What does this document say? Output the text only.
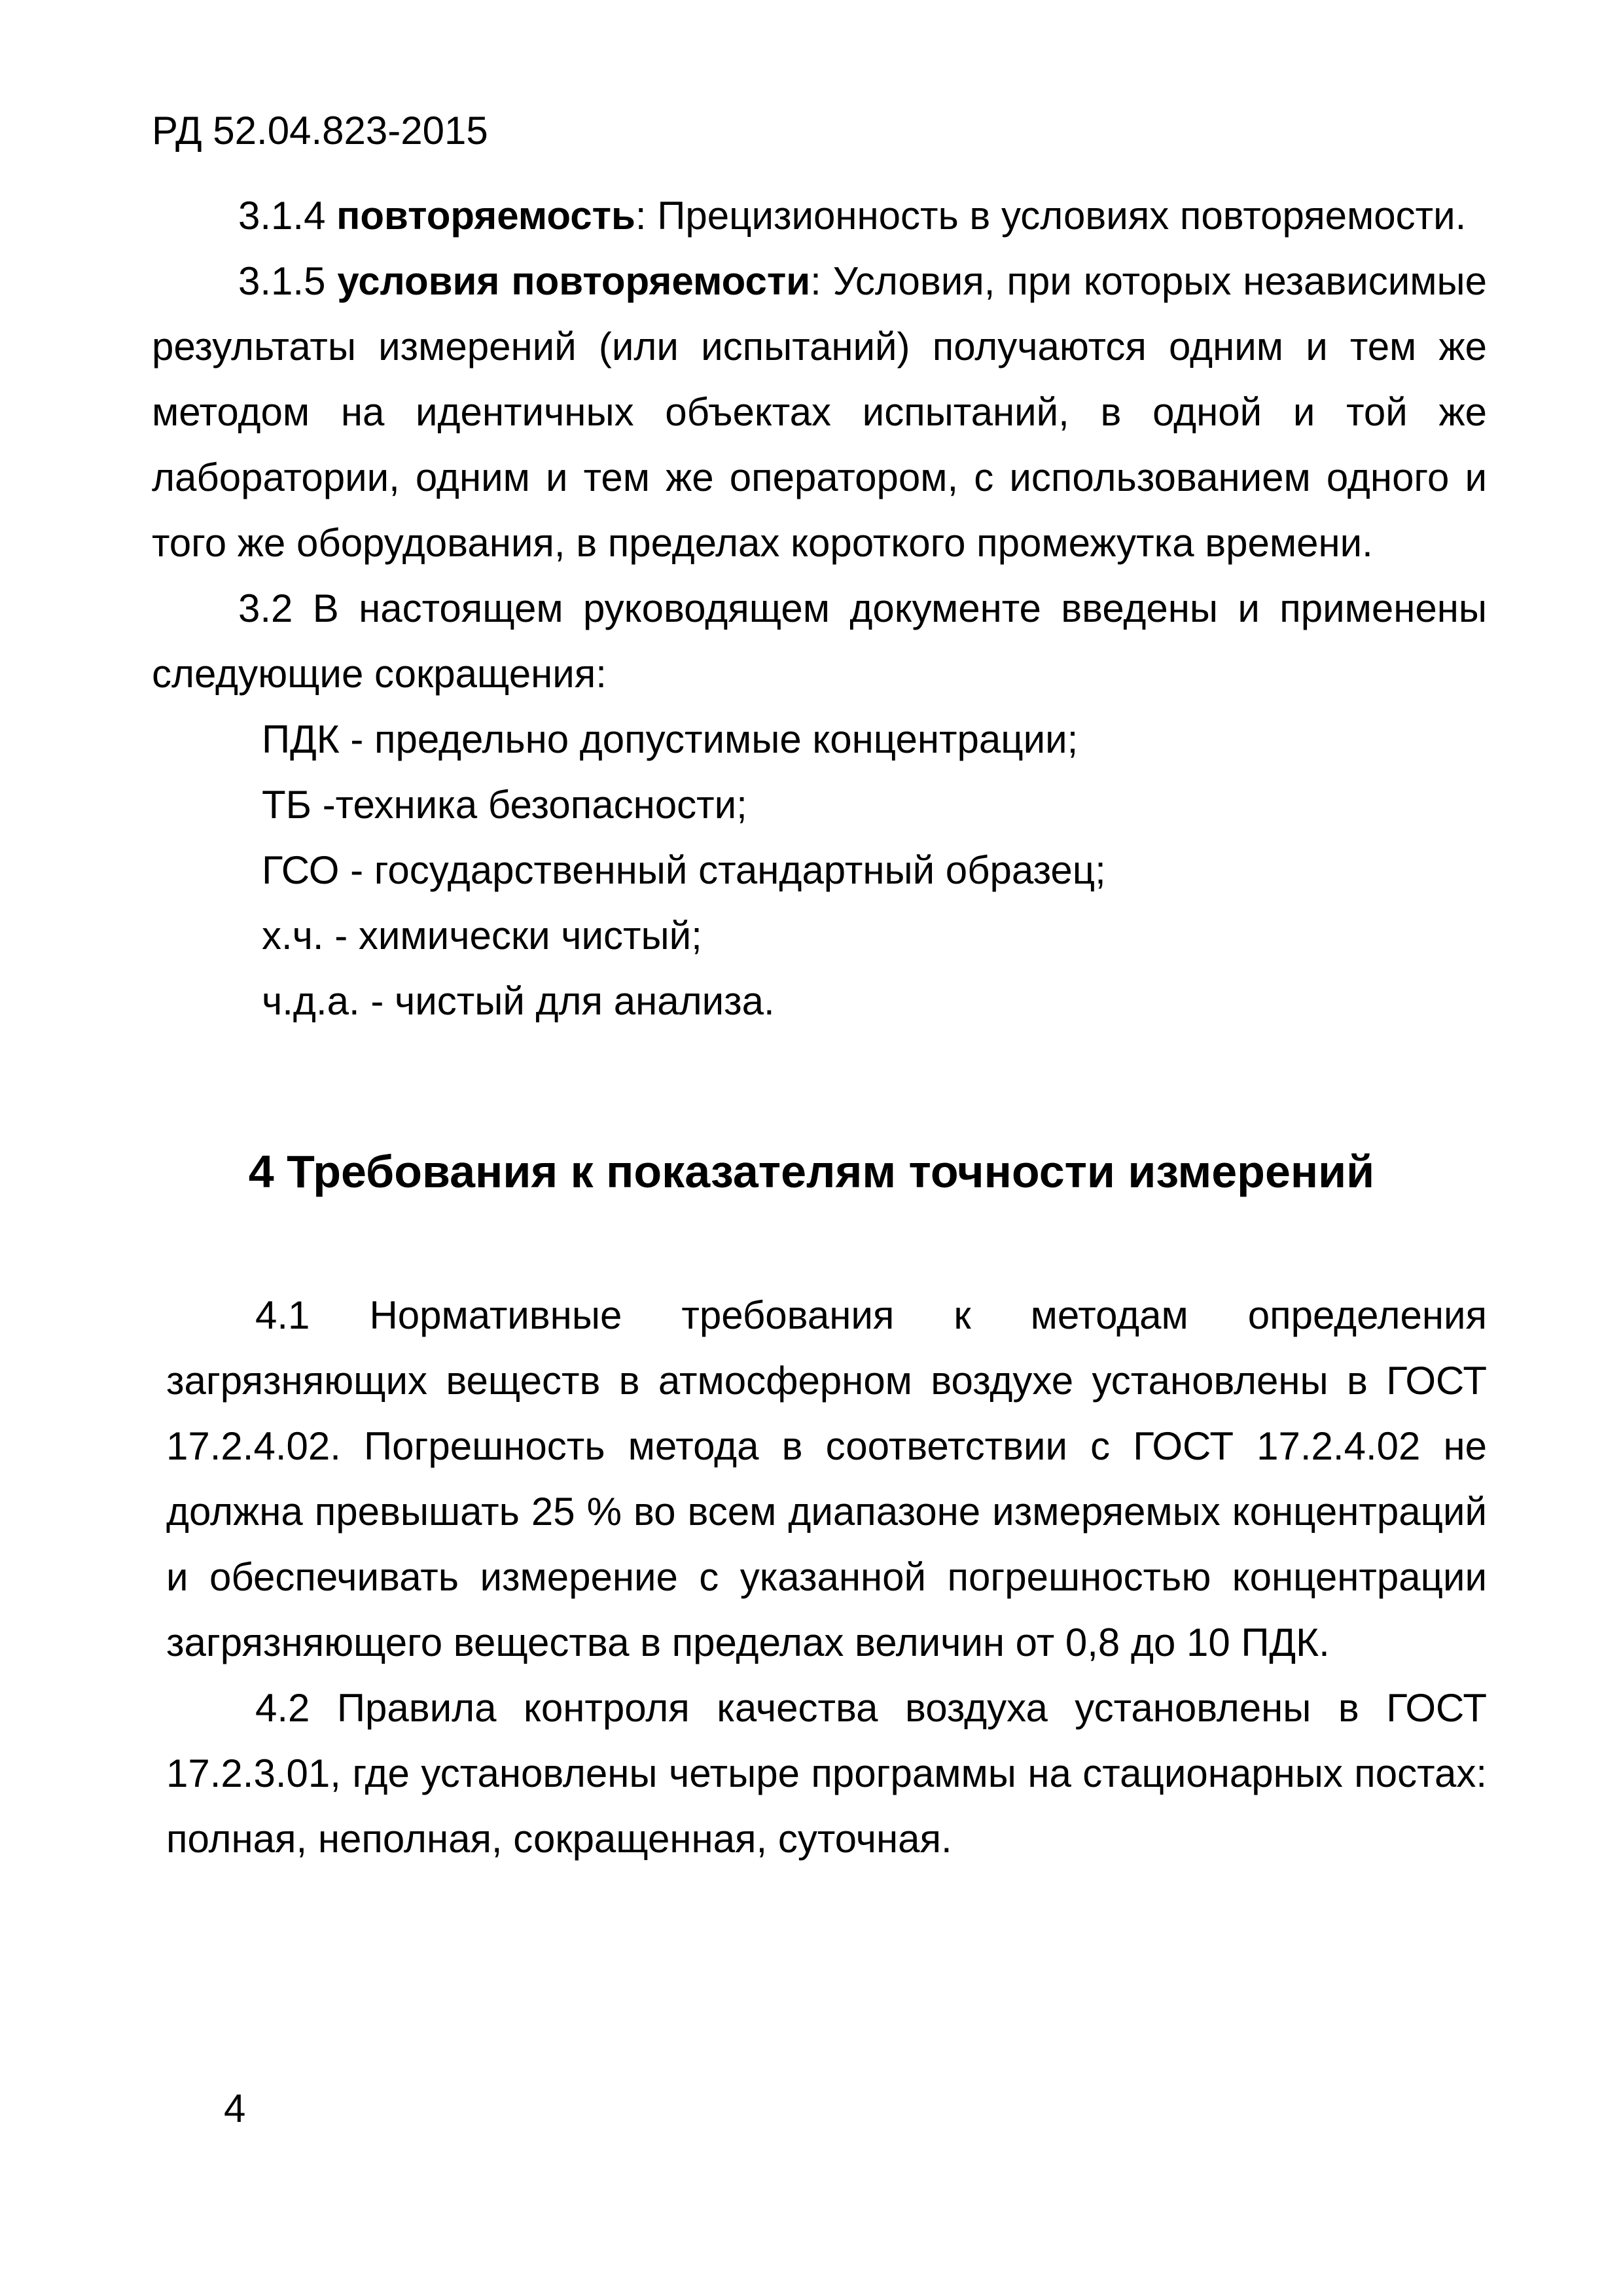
РД 52.04.823-2015
3.1.4 повторяемость: Прецизионность в условиях повторяемости.
3.1.5 условия повторяемости: Условия, при которых независимые результаты измерений (или испытаний) получаются одним и тем же методом на идентичных объектах испытаний, в одной и той же лаборатории, одним и тем же оператором, с использованием одного и того же оборудования, в пределах короткого промежутка времени.
3.2 В настоящем руководящем документе введены и применены следующие сокращения:
ПДК - предельно допустимые концентрации;
ТБ -техника безопасности;
ГСО - государственный стандартный образец;
х.ч. - химически чистый;
ч.д.а. - чистый для анализа.
4 Требования к показателям точности измерений
4.1 Нормативные требования к методам определения загрязняющих веществ в атмосферном воздухе установлены в ГОСТ 17.2.4.02. Погрешность метода в соответствии с ГОСТ 17.2.4.02 не должна превышать 25 % во всем диапазоне измеряемых концентраций и обеспечивать измерение с указанной погрешностью концентрации загрязняющего вещества в пределах величин от 0,8 до 10 ПДК.
4.2 Правила контроля качества воздуха установлены в ГОСТ 17.2.3.01, где установлены четыре программы на стационарных постах: полная, неполная, сокращенная, суточная.
4
